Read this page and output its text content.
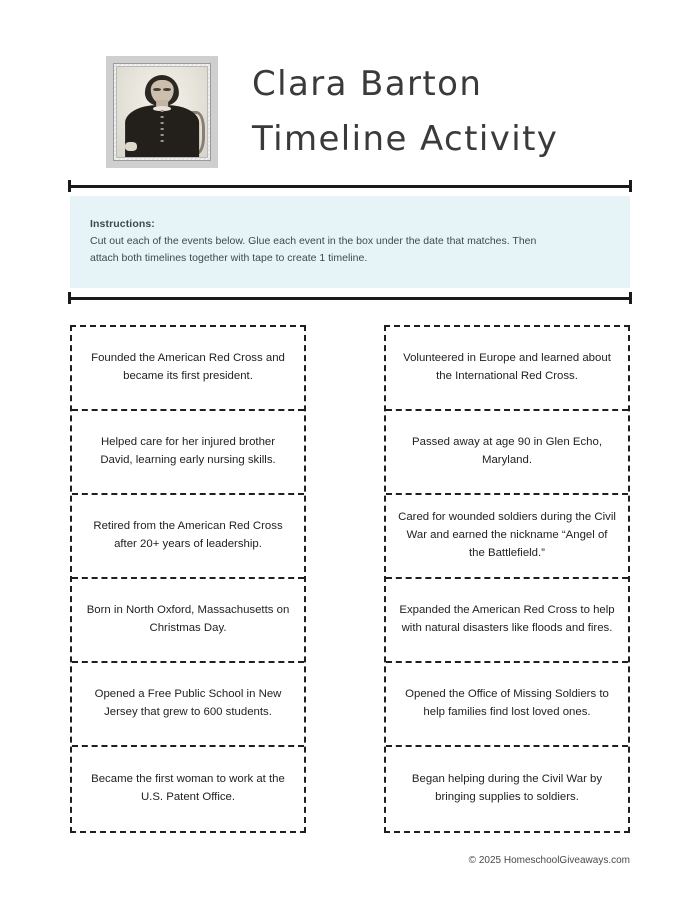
Clara Barton
Timeline Activity

Instructions:

Cut out each of the events below. Glue each event in the box under the date that matches. Then attach both timelines together with tape to create 1 timeline.

Founded the American Red Cross and became its first president.
Helped care for her injured brother David, learning early nursing skills.
Retired from the American Red Cross after 20+ years of leadership.
Born in North Oxford, Massachusetts on Christmas Day.
Opened a Free Public School in New Jersey that grew to 600 students.
Became the first woman to work at the U.S. Patent Office.
Volunteered in Europe and learned about the International Red Cross.
Passed away at age 90 in Glen Echo, Maryland.
Cared for wounded soldiers during the Civil War and earned the nickname “Angel of the Battlefield.”
Expanded the American Red Cross to help with natural disasters like floods and fires.
Opened the Office of Missing Soldiers to help families find lost loved ones.
Began helping during the Civil War by bringing supplies to soldiers.
© 2025 HomeschoolGiveaways.com
